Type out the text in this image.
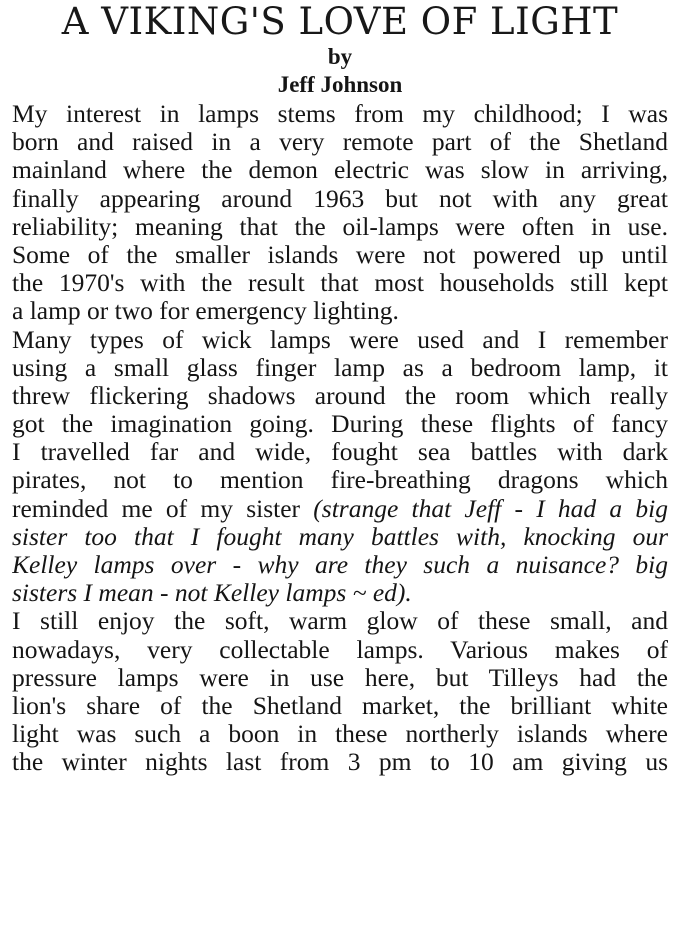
A VIKING'S LOVE OF LIGHT
by
Jeff Johnson
My interest in lamps stems from my childhood; I was
born and raised in a very remote part of the Shetland
mainland where the demon electric was slow in arriving,
finally appearing around 1963 but not with any great
reliability; meaning that the oil-lamps were often in use.
Some of the smaller islands were not powered up until
the 1970's with the result that most households still kept
a lamp or two for emergency lighting.
Many types of wick lamps were used and I remember
using a small glass finger lamp as a bedroom lamp, it
threw flickering shadows around the room which really
got the imagination going. During these flights of fancy
I travelled far and wide, fought sea battles with dark
pirates, not to mention fire-breathing dragons which
reminded me of my sister (strange that Jeff - I had a big
sister too that I fought many battles with, knocking our
Kelley lamps over - why are they such a nuisance? big
sisters I mean - not Kelley lamps ~ ed).
I still enjoy the soft, warm glow of these small, and
nowadays, very collectable lamps. Various makes of
pressure lamps were in use here, but Tilleys had the
lion's share of the Shetland market, the brilliant white
light was such a boon in these northerly islands where
the winter nights last from 3 pm to 10 am giving us
